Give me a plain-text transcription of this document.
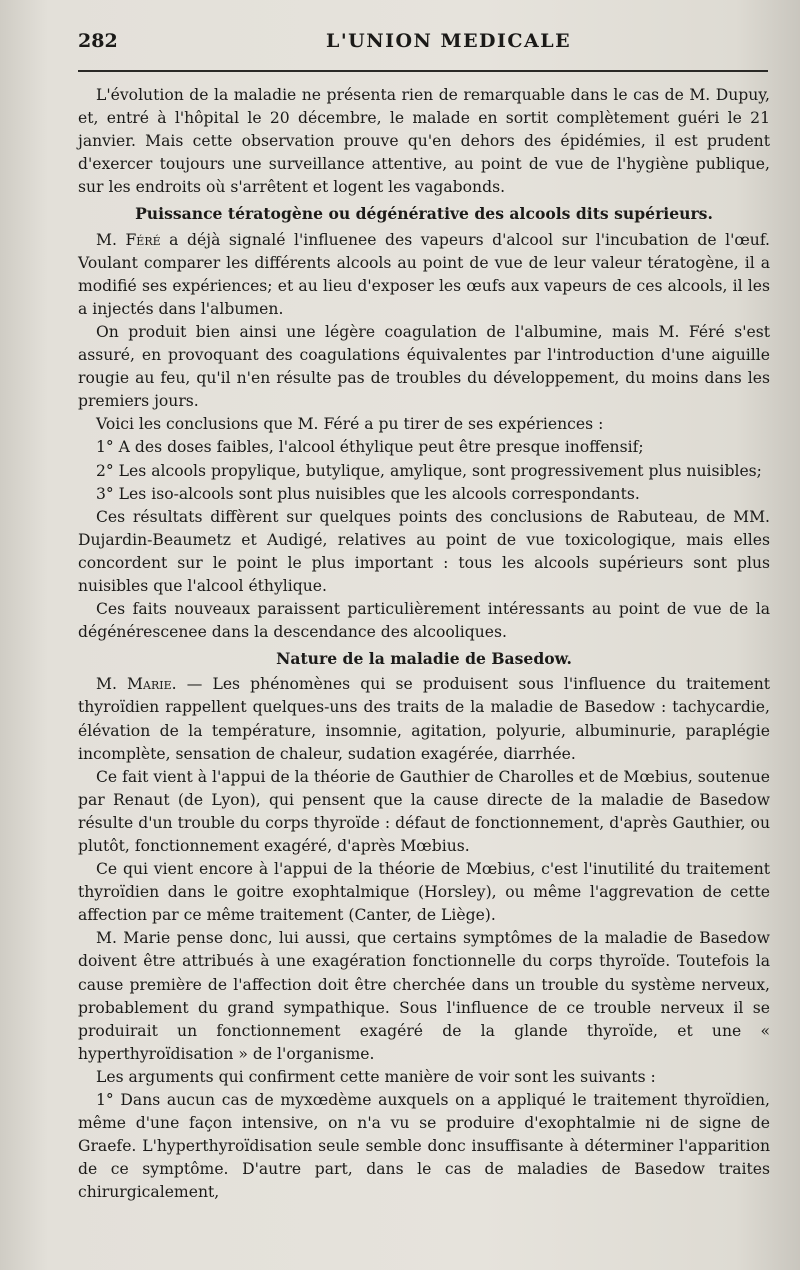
282	L'UNION MEDICALE

L'évolution de la maladie ne présenta rien de remarquable dans le cas de M. Dupuy, et, entré à l'hôpital le 20 décembre, le malade en sortit complètement guéri le 21 janvier. Mais cette observation prouve qu'en dehors des épidémies, il est prudent d'exercer toujours une surveillance attentive, au point de vue de l'hygiène publique, sur les endroits où s'arrêtent et logent les vagabonds.

Puissance tératogène ou dégénérative des alcools dits supérieurs.

M. Féré a déjà signalé l'influenee des vapeurs d'alcool sur l'incubation de l'œuf. Voulant comparer les différents alcools au point de vue de leur valeur tératogène, il a modifié ses expériences; et au lieu d'exposer les œufs aux vapeurs de ces alcools, il les a injectés dans l'albumen.

On produit bien ainsi une légère coagulation de l'albumine, mais M. Féré s'est assuré, en provoquant des coagulations équivalentes par l'introduction d'une aiguille rougie au feu, qu'il n'en résulte pas de troubles du développement, du moins dans les premiers jours.

Voici les conclusions que M. Féré a pu tirer de ses expériences :

1° A des doses faibles, l'alcool éthylique peut être presque inoffensif;

2° Les alcools propylique, butylique, amylique, sont progressivement plus nuisibles;

3° Les iso-alcools sont plus nuisibles que les alcools correspondants.

Ces résultats diffèrent sur quelques points des conclusions de Rabuteau, de MM. Dujardin-Beaumetz et Audigé, relatives au point de vue toxicologique, mais elles concordent sur le point le plus important : tous les alcools supérieurs sont plus nuisibles que l'alcool éthylique.

Ces faits nouveaux paraissent particulièrement intéressants au point de vue de la dégénérescenee dans la descendance des alcooliques.

Nature de la maladie de Basedow.

M. Marie. — Les phénomènes qui se produisent sous l'influence du traitement thyroïdien rappellent quelques-uns des traits de la maladie de Basedow : tachycardie, élévation de la température, insomnie, agitation, polyurie, albuminurie, paraplégie incomplète, sensation de chaleur, sudation exagérée, diarrhée.

Ce fait vient à l'appui de la théorie de Gauthier de Charolles et de Mœbius, soutenue par Renaut (de Lyon), qui pensent que la cause directe de la maladie de Basedow résulte d'un trouble du corps thyroïde : défaut de fonctionnement, d'après Gauthier, ou plutôt, fonctionnement exagéré, d'après Mœbius.

Ce qui vient encore à l'appui de la théorie de Mœbius, c'est l'inutilité du traitement thyroïdien dans le goitre exophtalmique (Horsley), ou même l'aggrevation de cette affection par ce même traitement (Canter, de Liège).

M. Marie pense donc, lui aussi, que certains symptômes de la maladie de Basedow doivent être attribués à une exagération fonctionnelle du corps thyroïde. Toutefois la cause première de l'affection doit être cherchée dans un trouble du système nerveux, probablement du grand sympathique. Sous l'influence de ce trouble nerveux il se produirait un fonctionnement exagéré de la glande thyroïde, et une « hyperthyroïdisation » de l'organisme.

Les arguments qui confirment cette manière de voir sont les suivants :

1° Dans aucun cas de myxœdème auxquels on a appliqué le traitement thyroïdien, même d'une façon intensive, on n'a vu se produire d'exophtalmie ni de signe de Graefe. L'hyperthyroïdisation seule semble donc insuffisante à déterminer l'apparition de ce symptôme. D'autre part, dans le cas de maladies de Basedow traites chirurgicalement,
